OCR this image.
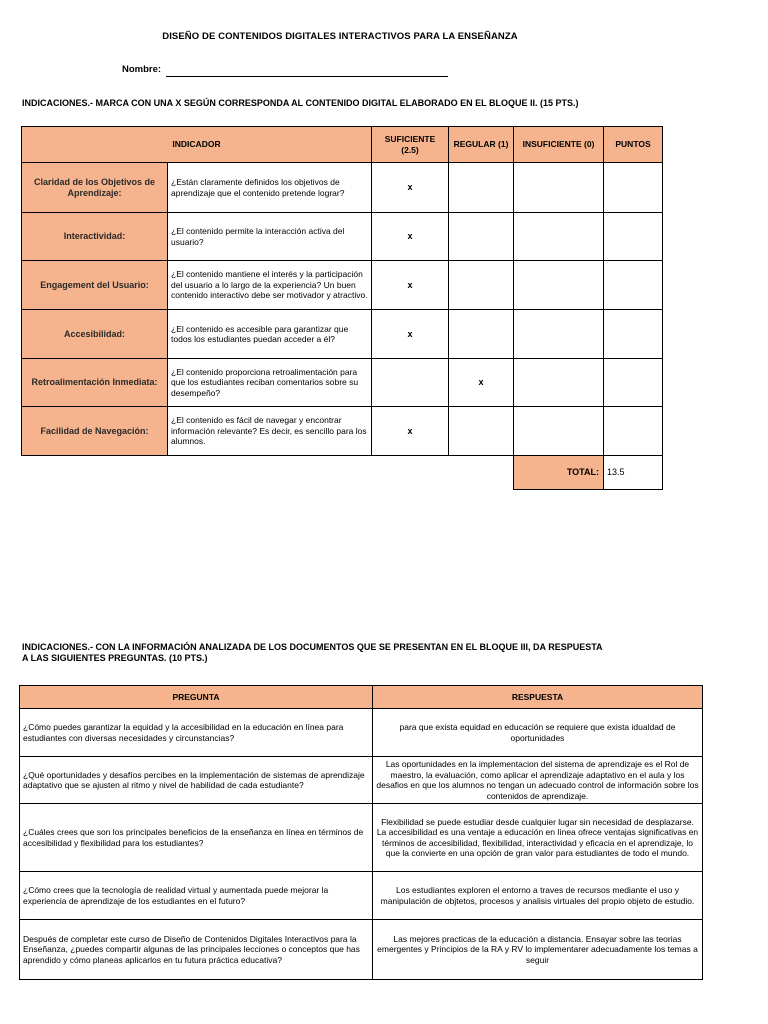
DISEÑO DE CONTENIDOS DIGITALES INTERACTIVOS PARA LA ENSEÑANZA
Nombre:
INDICACIONES.- MARCA CON UNA X SEGÚN CORRESPONDA AL CONTENIDO DIGITAL ELABORADO EN EL BLOQUE II. (15 PTS.)
INDICADOR		SUFICIENTE (2.5)	REGULAR (1)	INSUFICIENTE (0)	PUNTOS
Claridad de los Objetivos de Aprendizaje:	¿Están claramente definidos los objetivos de aprendizaje que el contenido pretende lograr?	x			
Interactividad:	¿El contenido permite la interacción activa del usuario?	x			
Engagement del Usuario:	¿El contenido mantiene el interés y la participación del usuario a lo largo de la experiencia? Un buen contenido interactivo debe ser motivador y atractivo.	x			
Accesibilidad:	¿El contenido es accesible para garantizar que todos los estudiantes puedan acceder a él?	x			
Retroalimentación Inmediata:	¿El contenido proporciona retroalimentación para que los estudiantes reciban comentarios sobre su desempeño?		x		
Facilidad de Navegación:	¿El contenido es fácil de navegar y encontrar información relevante? Es decir, es sencillo para los alumnos.	x			
				TOTAL:	13.5
INDICACIONES.- CON LA INFORMACIÓN ANALIZADA DE LOS DOCUMENTOS QUE SE PRESENTAN EN EL BLOQUE III, DA RESPUESTA
A LAS SIGUIENTES PREGUNTAS. (10 PTS.)
PREGUNTA	RESPUESTA
¿Cómo puedes garantizar la equidad y la accesibilidad en la educación en línea para estudiantes con diversas necesidades y circunstancias?	para que exista equidad en educación se requiere que exista idualdad de oportunidades
¿Qué oportunidades y desafíos percibes en la implementación de sistemas de aprendizaje adaptativo que se ajusten al ritmo y nivel de habilidad de cada estudiante?	Las oportunidades en la implementacion del sistema de aprendizaje es el Rol de maestro, la evaluación, como aplicar el aprendizaje adaptativo en el aula y los desafios en que los alumnos no tengan un adecuado control de información sobre los contenidos de aprendizaje.
¿Cuáles crees que son los principales beneficios de la enseñanza en línea en términos de accesibilidad y flexibilidad para los estudiantes?	Flexibilidad se puede estudiar desde cualquier lugar sin necesidad de desplazarse. La accesibilidad es una ventaje a educación en línea ofrece ventajas significativas en términos de accesibilidad, flexibilidad, interactividad y eficacia en el aprendizaje, lo que la convierte en una opción de gran valor para estudiantes de todo el mundo.
¿Cómo crees que la tecnología de realidad virtual y aumentada puede mejorar la experiencia de aprendizaje de los estudiantes en el futuro?	Los estudiantes exploren el entorno a traves de recursos mediante el uso y manipulación de objtetos, procesos y analisis virtuales del propio objeto de estudio.
Después de completar este curso de Diseño de Contenidos Digitales Interactivos para la Enseñanza, ¿puedes compartir algunas de las principales lecciones o conceptos que has aprendido y cómo planeas aplicarlos en tu futura práctica educativa?	Las mejores practicas de la educación a distancia. Ensayar sobre las teorias emergentes y Principios de la RA y RV lo implementarer adecuadamente los temas a seguir
